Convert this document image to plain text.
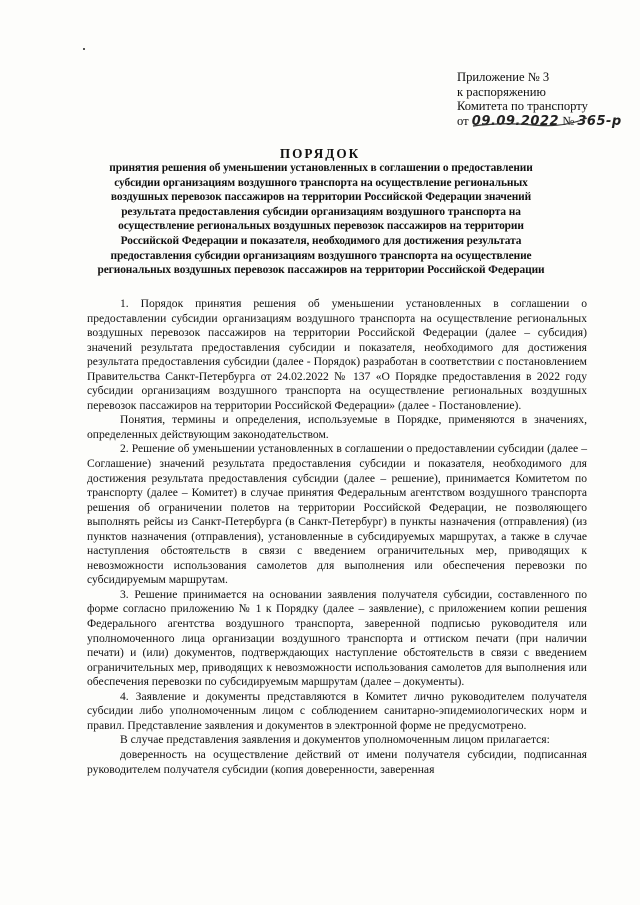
Приложение № 3
к распоряжению
Комитета по транспорту
от 09.09.2022 № 365-р
ПОРЯДОК
принятия решения об уменьшении установленных в соглашении о предоставлении субсидии организациям воздушного транспорта на осуществление региональных воздушных перевозок пассажиров на территории Российской Федерации значений результата предоставления субсидии организациям воздушного транспорта на осуществление региональных воздушных перевозок пассажиров на территории Российской Федерации и показателя, необходимого для достижения результата предоставления субсидии организациям воздушного транспорта на осуществление региональных воздушных перевозок пассажиров на территории Российской Федерации

1. Порядок принятия решения об уменьшении установленных в соглашении о предоставлении субсидии организациям воздушного транспорта на осуществление региональных воздушных перевозок пассажиров на территории Российской Федерации (далее – субсидия) значений результата предоставления субсидии и показателя, необходимого для достижения результата предоставления субсидии (далее - Порядок) разработан в соответствии с постановлением Правительства Санкт-Петербурга от 24.02.2022 № 137 «О Порядке предоставления в 2022 году субсидии организациям воздушного транспорта на осуществление региональных воздушных перевозок пассажиров на территории Российской Федерации» (далее - Постановление).

Понятия, термины и определения, используемые в Порядке, применяются в значениях, определенных действующим законодательством.

2. Решение об уменьшении установленных в соглашении о предоставлении субсидии (далее – Соглашение) значений результата предоставления субсидии и показателя, необходимого для достижения результата предоставления субсидии (далее – решение), принимается Комитетом по транспорту (далее – Комитет) в случае принятия Федеральным агентством воздушного транспорта решения об ограничении полетов на территории Российской Федерации, не позволяющего выполнять рейсы из Санкт-Петербурга (в Санкт-Петербург) в пункты назначения (отправления) (из пунктов назначения (отправления), установленные в субсидируемых маршрутах, а также в случае наступления обстоятельств в связи с введением ограничительных мер, приводящих к невозможности использования самолетов для выполнения или обеспечения перевозки по субсидируемым маршрутам.

3. Решение принимается на основании заявления получателя субсидии, составленного по форме согласно приложению № 1 к Порядку (далее – заявление), с приложением копии решения Федерального агентства воздушного транспорта, заверенной подписью руководителя или уполномоченного лица организации воздушного транспорта и оттиском печати (при наличии печати) и (или) документов, подтверждающих наступление обстоятельств в связи с введением ограничительных мер, приводящих к невозможности использования самолетов для выполнения или обеспечения перевозки по субсидируемым маршрутам (далее – документы).

4. Заявление и документы представляются в Комитет лично руководителем получателя субсидии либо уполномоченным лицом с соблюдением санитарно-эпидемиологических норм и правил. Представление заявления и документов в электронной форме не предусмотрено.

В случае представления заявления и документов уполномоченным лицом прилагается:

доверенность на осуществление действий от имени получателя субсидии, подписанная руководителем получателя субсидии (копия доверенности, заверенная
